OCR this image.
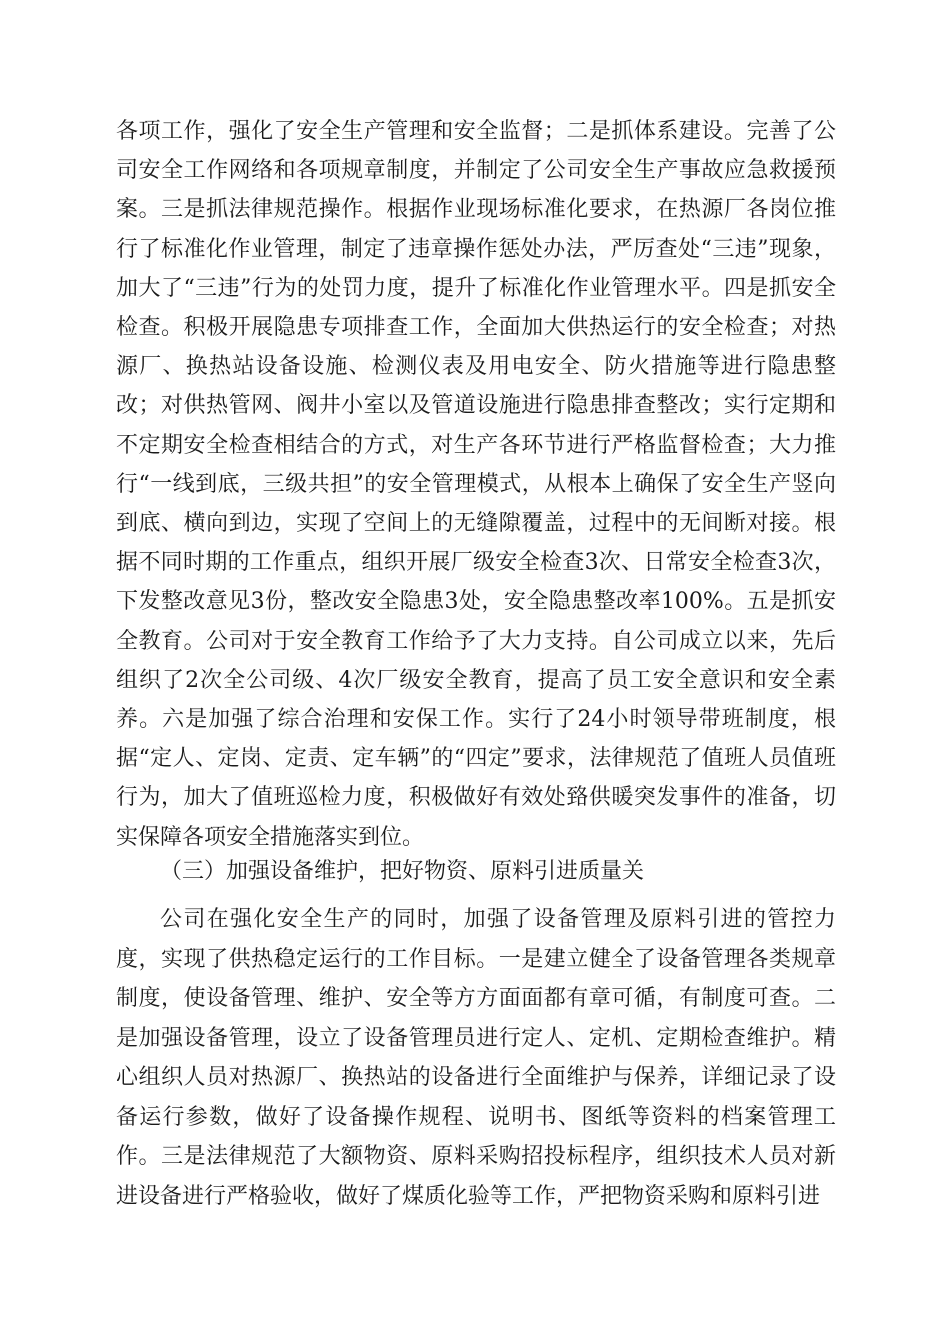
各项工作，强化了安全生产管理和安全监督；二是抓体系建设。完善了公司安全工作网络和各项规章制度，并制定了公司安全生产事故应急救援预案。三是抓法律规范操作。根据作业现场标准化要求，在热源厂各岗位推行了标准化作业管理，制定了违章操作惩处办法，严厉查处“三违”现象，加大了“三违”行为的处罚力度，提升了标准化作业管理水平。四是抓安全检查。积极开展隐患专项排查工作，全面加大供热运行的安全检查；对热源厂、换热站设备设施、检测仪表及用电安全、防火措施等进行隐患整改；对供热管网、阀井小室以及管道设施进行隐患排查整改；实行定期和不定期安全检查相结合的方式，对生产各环节进行严格监督检查；大力推行“一线到底，三级共担”的安全管理模式，从根本上确保了安全生产竖向到底、横向到边，实现了空间上的无缝隙覆盖，过程中的无间断对接。根据不同时期的工作重点，组织开展厂级安全检查3次、日常安全检查3次，下发整改意见3份，整改安全隐患3处，安全隐患整改率100%。五是抓安全教育。公司对于安全教育工作给予了大力支持。自公司成立以来，先后组织了2次全公司级、4次厂级安全教育，提高了员工安全意识和安全素养。六是加强了综合治理和安保工作。实行了24小时领导带班制度，根据“定人、定岗、定责、定车辆”的“四定”要求，法律规范了值班人员值班行为，加大了值班巡检力度，积极做好有效处臵供暖突发事件的准备，切实保障各项安全措施落实到位。

（三）加强设备维护，把好物资、原料引进质量关

公司在强化安全生产的同时，加强了设备管理及原料引进的管控力度，实现了供热稳定运行的工作目标。一是建立健全了设备管理各类规章制度，使设备管理、维护、安全等方方面面都有章可循，有制度可查。二是加强设备管理，设立了设备管理员进行定人、定机、定期检查维护。精心组织人员对热源厂、换热站的设备进行全面维护与保养，详细记录了设备运行参数，做好了设备操作规程、说明书、图纸等资料的档案管理工作。三是法律规范了大额物资、原料采购招投标程序，组织技术人员对新进设备进行严格验收，做好了煤质化验等工作，严把物资采购和原料引进
